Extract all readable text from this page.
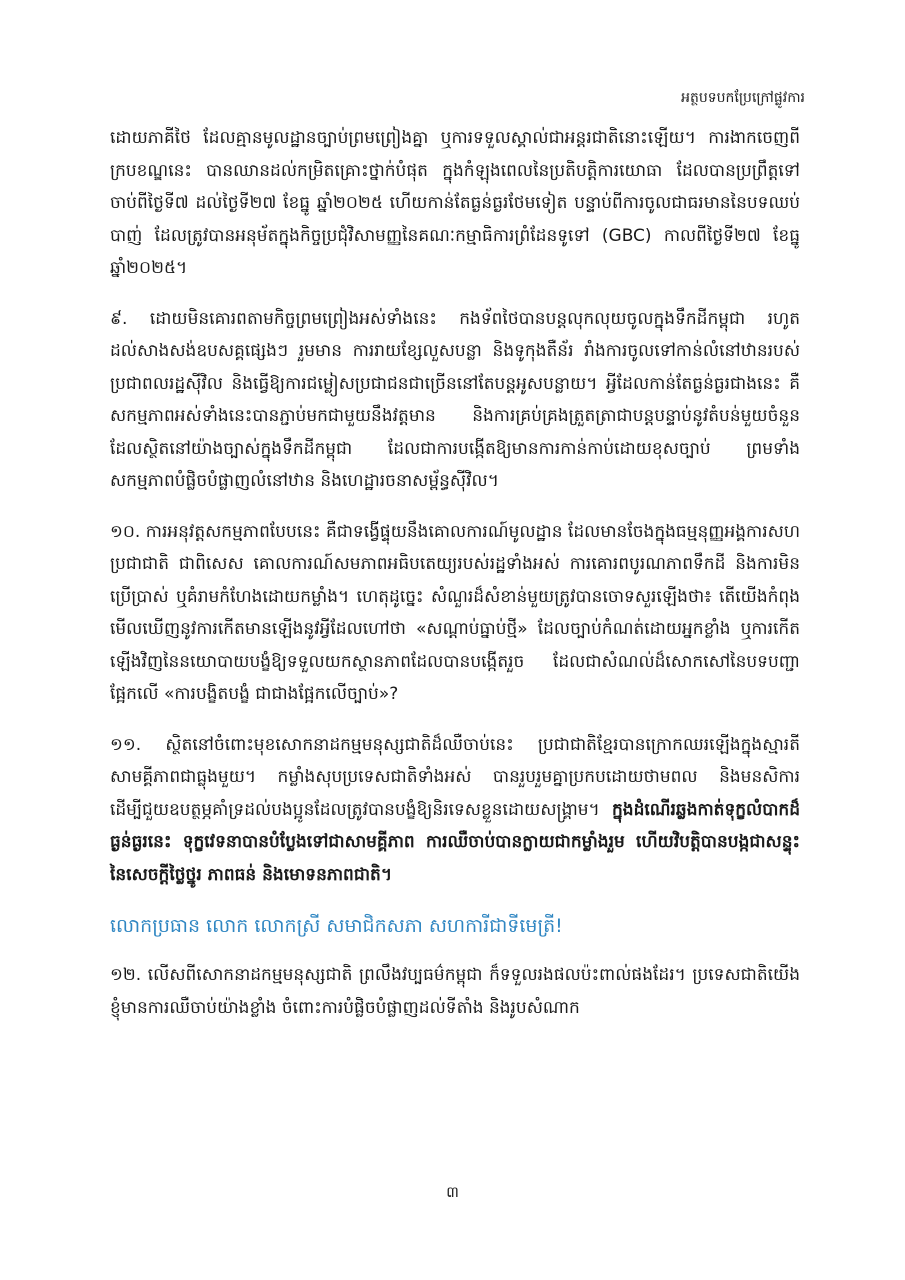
អត្ថបទបកប្រែក្រៅផ្លូវការ

ដោយភាគីថៃ ដែលគ្មានមូលដ្ឋានច្បាប់ព្រមព្រៀងគ្នា ឬការទទួលស្គាល់ជាអន្តរជាតិនោះឡើយ។ ការងាកចេញពីក្របខណ្ឌនេះ បានឈានដល់កម្រិតគ្រោះថ្នាក់បំផុត ក្នុងកំឡុងពេលនៃប្រតិបត្តិការយោធា ដែលបានប្រព្រឹត្តទៅចាប់ពីថ្ងៃទី៧ ដល់ថ្ងៃទី២៧ ខែធ្នូ ឆ្នាំ២០២៥ ហើយកាន់តែធ្ងន់ធ្ងរថែមទៀត បន្ទាប់ពីការចូលជាធរមាននៃបទឈប់បាញ់ ដែលត្រូវបានអនុម័តក្នុងកិច្ចប្រជុំវិសាមញ្ញនៃគណៈកម្មាធិការព្រំដែនទូទៅ (GBC) កាលពីថ្ងៃទី២៧ ខែធ្នូ ឆ្នាំ២០២៥។

៩. ដោយមិនគោរពតាមកិច្ចព្រមព្រៀងអស់ទាំងនេះ កងទ័ពថៃបានបន្តលុកលុយចូលក្នុងទឹកដីកម្ពុជា រហូតដល់សាងសង់ឧបសគ្គផ្សេងៗ រួមមាន ការរាយខ្សែលួសបន្លា និងទូកុងតឺន័រ រាំងការចូលទៅកាន់លំនៅឋានរបស់ប្រជាពលរដ្ឋស៊ីវិល និងធ្វើឱ្យការជម្លៀសប្រជាជនជាច្រើននៅតែបន្តអូសបន្លាយ។ អ្វីដែលកាន់តែធ្ងន់ធ្ងរជាងនេះ គឺសកម្មភាពអស់ទាំងនេះបានភ្ជាប់មកជាមួយនឹងវត្តមាន និងការគ្រប់គ្រងត្រួតត្រាជាបន្តបន្ទាប់នូវតំបន់មួយចំនួនដែលស្ថិតនៅយ៉ាងច្បាស់ក្នុងទឹកដីកម្ពុជា ដែលជាការបង្កើតឱ្យមានការកាន់កាប់ដោយខុសច្បាប់ ព្រមទាំងសកម្មភាពបំផ្លិចបំផ្លាញលំនៅឋាន និងហេដ្ឋារចនាសម្ព័ន្ធស៊ីវិល។

១០. ការអនុវត្តសកម្មភាពបែបនេះ គឺជាទង្វើផ្ទុយនឹងគោលការណ៍មូលដ្ឋាន ដែលមានចែងក្នុងធម្មនុញ្ញអង្គការសហប្រជាជាតិ ជាពិសេស គោលការណ៍សមភាពអធិបតេយ្យរបស់រដ្ឋទាំងអស់ ការគោរពបូរណភាពទឹកដី និងការមិនប្រើប្រាស់ ឬគំរាមកំហែងដោយកម្លាំង។ ហេតុដូច្នេះ សំណួរដ៏សំខាន់មួយត្រូវបានចោទសួរឡើងថា៖ តើយើងកំពុងមើលឃើញនូវការកើតមានឡើងនូវអ្វីដែលហៅថា «សណ្តាប់ធ្នាប់ថ្មី» ដែលច្បាប់កំណត់ដោយអ្នកខ្លាំង ឬការកើតឡើងវិញនៃនយោបាយបង្ខំឱ្យទទួលយកស្ថានភាពដែលបានបង្កើតរួច ដែលជាសំណល់ដ៏សោកសៅនៃបទបញ្ជាផ្អែកលើ «ការបង្ខិតបង្ខំ ជាជាងផ្អែកលើច្បាប់»?

១១. ស្ថិតនៅចំពោះមុខសោកនាដកម្មមនុស្សជាតិដ៏ឈឺចាប់នេះ ប្រជាជាតិខ្មែរបានក្រោកឈរឡើងក្នុងស្មារតីសាមគ្គីភាពជាធ្លុងមួយ។ កម្លាំងសុបប្រទេសជាតិទាំងអស់ បានរួបរួមគ្នាប្រកបដោយថាមពល និងមនសិការ ដើម្បីជួយឧបត្ថម្ភគាំទ្រដល់បងប្អូនដែលត្រូវបានបង្ខំឱ្យនិរទេសខ្លួនដោយសង្គ្រាម។ ក្នុងដំណើរឆ្លងកាត់ទុក្ខលំបាកដ៏ធ្ងន់ធ្ងរនេះ ទុក្ខវេទនាបានបំប្លែងទៅជាសាមគ្គីភាព ការឈឺចាប់បានក្លាយជាកម្លាំងរួម ហើយវិបត្តិបានបង្កជាសន្ទុះនៃសេចក្តីថ្លៃថ្នូរ ភាពធន់ និងមោទនភាពជាតិ។

លោកប្រធាន លោក លោកស្រី សមាជិកសភា សហការីជាទីមេត្រី!

១២. លើសពីសោកនាដកម្មមនុស្សជាតិ ព្រលឹងវប្បធម៌កម្ពុជា ក៏ទទួលរងផលប៉ះពាល់ផងដែរ។ ប្រទេសជាតិយើងខ្ញុំមានការឈឺចាប់យ៉ាងខ្លាំង ចំពោះការបំផ្លិចបំផ្លាញដល់ទីតាំង និងរូបសំណាក

៣
